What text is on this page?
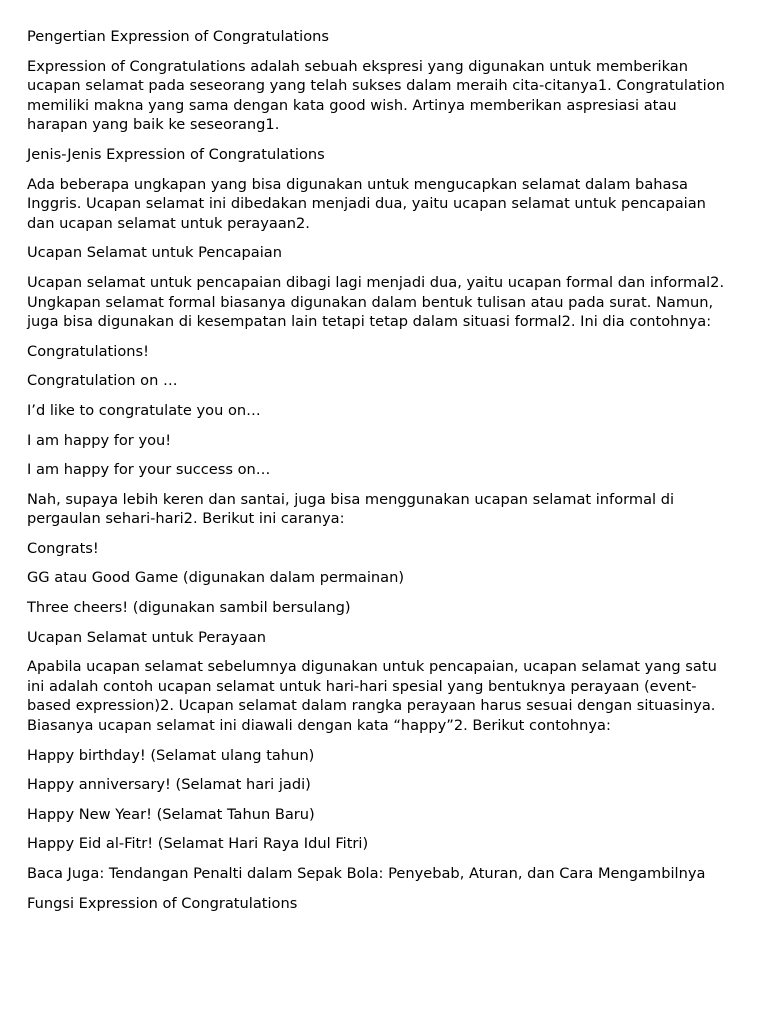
Pengertian Expression of Congratulations

Expression of Congratulations adalah sebuah ekspresi yang digunakan untuk memberikan ucapan selamat pada seseorang yang telah sukses dalam meraih cita-citanya1. Congratulation memiliki makna yang sama dengan kata good wish. Artinya memberikan aspresiasi atau harapan yang baik ke seseorang1.

Jenis-Jenis Expression of Congratulations

Ada beberapa ungkapan yang bisa digunakan untuk mengucapkan selamat dalam bahasa Inggris. Ucapan selamat ini dibedakan menjadi dua, yaitu ucapan selamat untuk pencapaian dan ucapan selamat untuk perayaan2.

Ucapan Selamat untuk Pencapaian

Ucapan selamat untuk pencapaian dibagi lagi menjadi dua, yaitu ucapan formal dan informal2. Ungkapan selamat formal biasanya digunakan dalam bentuk tulisan atau pada surat. Namun, juga bisa digunakan di kesempatan lain tetapi tetap dalam situasi formal2. Ini dia contohnya:

Congratulations!

Congratulation on …

I’d like to congratulate you on…

I am happy for you!

I am happy for your success on…

Nah, supaya lebih keren dan santai, juga bisa menggunakan ucapan selamat informal di pergaulan sehari-hari2. Berikut ini caranya:

Congrats!

GG atau Good Game (digunakan dalam permainan)

Three cheers! (digunakan sambil bersulang)

Ucapan Selamat untuk Perayaan

Apabila ucapan selamat sebelumnya digunakan untuk pencapaian, ucapan selamat yang satu ini adalah contoh ucapan selamat untuk hari-hari spesial yang bentuknya perayaan (event-based expression)2. Ucapan selamat dalam rangka perayaan harus sesuai dengan situasinya. Biasanya ucapan selamat ini diawali dengan kata “happy”2. Berikut contohnya:

Happy birthday! (Selamat ulang tahun)

Happy anniversary! (Selamat hari jadi)

Happy New Year! (Selamat Tahun Baru)

Happy Eid al-Fitr! (Selamat Hari Raya Idul Fitri)

Baca Juga: Tendangan Penalti dalam Sepak Bola: Penyebab, Aturan, dan Cara Mengambilnya

Fungsi Expression of Congratulations
